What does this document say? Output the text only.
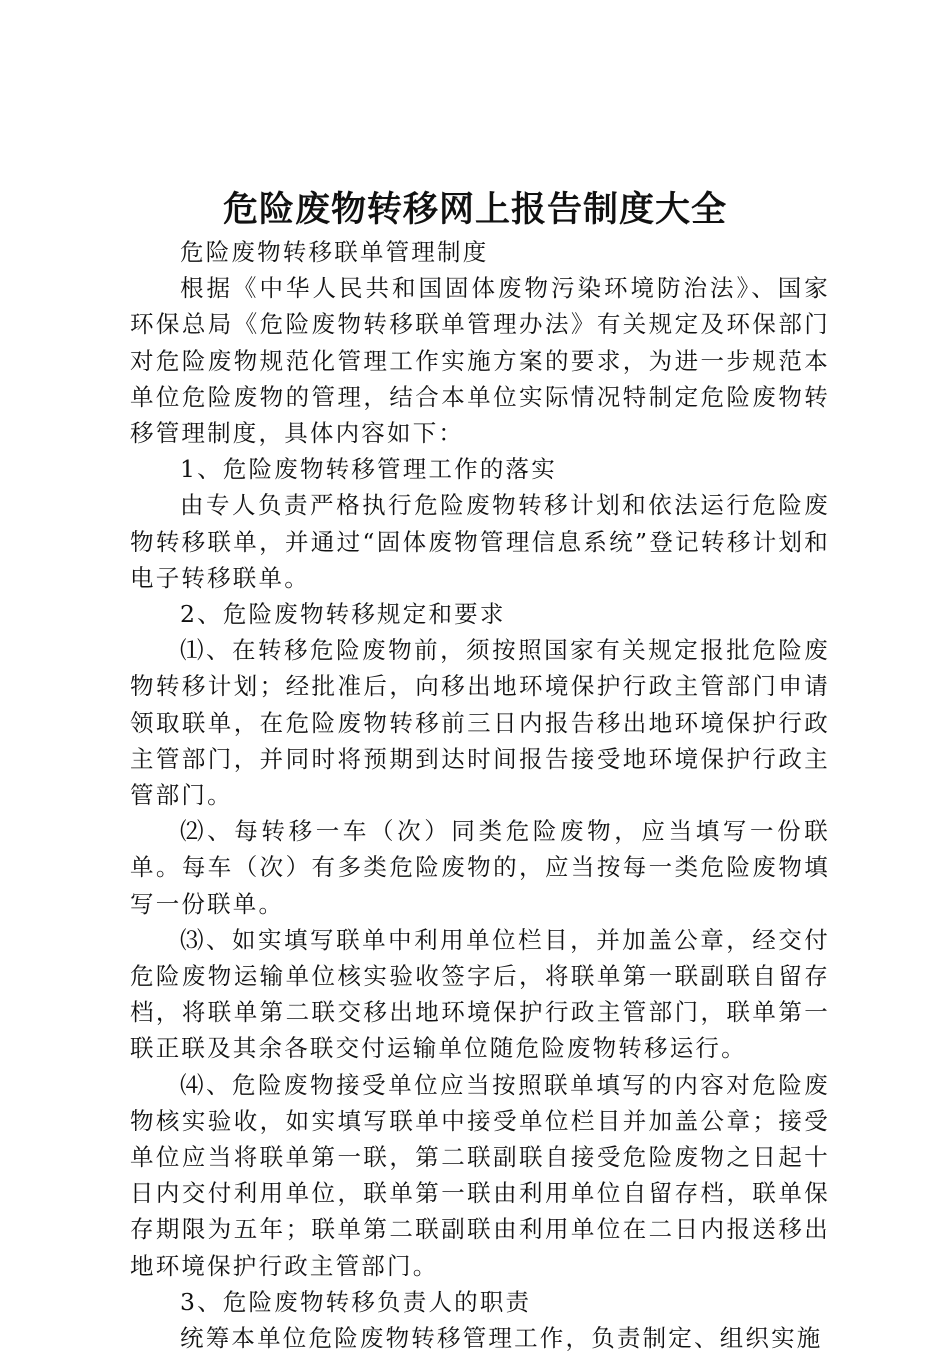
危险废物转移网上报告制度大全

危险废物转移联单管理制度

根据《中华人民共和国固体废物污染环境防治法》、国家环保总局《危险废物转移联单管理办法》有关规定及环保部门对危险废物规范化管理工作实施方案的要求，为进一步规范本单位危险废物的管理，结合本单位实际情况特制定危险废物转移管理制度，具体内容如下：

1、危险废物转移管理工作的落实

由专人负责严格执行危险废物转移计划和依法运行危险废物转移联单，并通过“固体废物管理信息系统”登记转移计划和电子转移联单。

2、危险废物转移规定和要求

⑴、在转移危险废物前，须按照国家有关规定报批危险废物转移计划；经批准后，向移出地环境保护行政主管部门申请领取联单，在危险废物转移前三日内报告移出地环境保护行政主管部门，并同时将预期到达时间报告接受地环境保护行政主管部门。

⑵、每转移一车（次）同类危险废物，应当填写一份联单。每车（次）有多类危险废物的，应当按每一类危险废物填写一份联单。

⑶、如实填写联单中利用单位栏目，并加盖公章，经交付危险废物运输单位核实验收签字后，将联单第一联副联自留存档，将联单第二联交移出地环境保护行政主管部门，联单第一联正联及其余各联交付运输单位随危险废物转移运行。

⑷、危险废物接受单位应当按照联单填写的内容对危险废物核实验收，如实填写联单中接受单位栏目并加盖公章；接受单位应当将联单第一联，第二联副联自接受危险废物之日起十日内交付利用单位，联单第一联由利用单位自留存档，联单保存期限为五年；联单第二联副联由利用单位在二日内报送移出地环境保护行政主管部门。

3、危险废物转移负责人的职责

统筹本单位危险废物转移管理工作，负责制定、组织实施
